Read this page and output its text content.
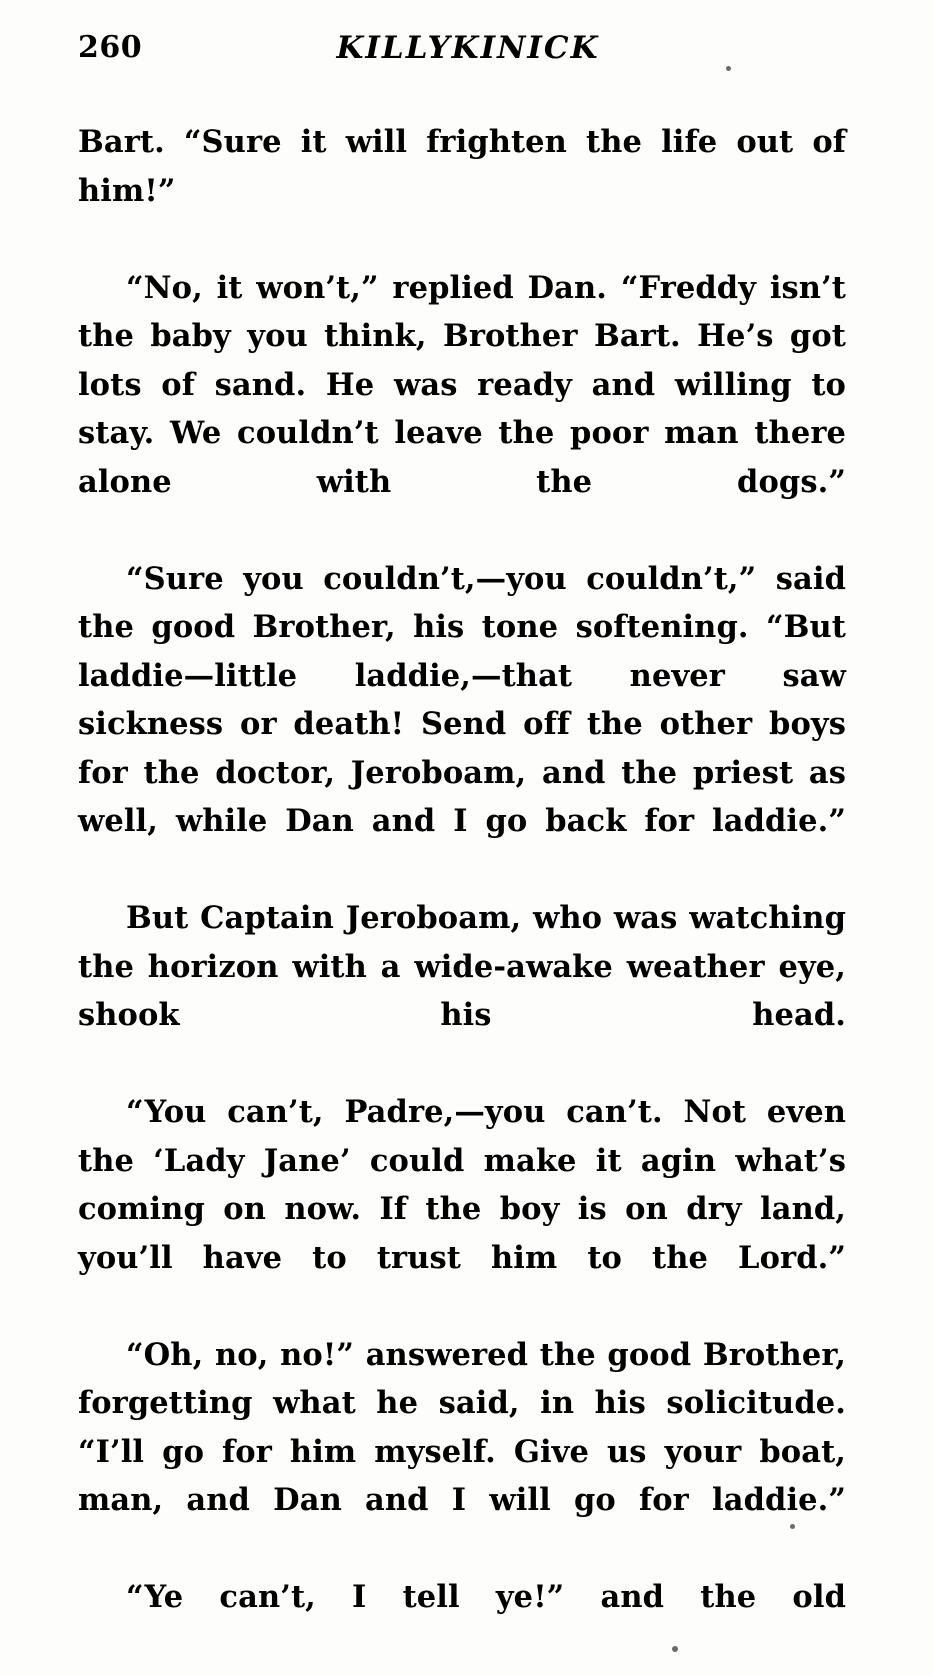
260	KILLYKINICK

Bart. “Sure it will frighten the life out of him!”

“No, it won’t,” replied Dan. “Freddy isn’t the baby you think, Brother Bart. He’s got lots of sand. He was ready and willing to stay. We couldn’t leave the poor man there alone with the dogs.”

“Sure you couldn’t,—you couldn’t,” said the good Brother, his tone softening. “But laddie—little laddie,—that never saw sickness or death! Send off the other boys for the doctor, Jeroboam, and the priest as well, while Dan and I go back for laddie.”

But Captain Jeroboam, who was watching the horizon with a wide-awake weather eye, shook his head.

“You can’t, Padre,—you can’t. Not even the ‘Lady Jane’ could make it agin what’s coming on now. If the boy is on dry land, you’ll have to trust him to the Lord.”

“Oh, no, no!” answered the good Brother, forgetting what he said, in his solicitude. “I’ll go for him myself. Give us your boat, man, and Dan and I will go for laddie.”

“Ye can’t, I tell ye!” and the old
